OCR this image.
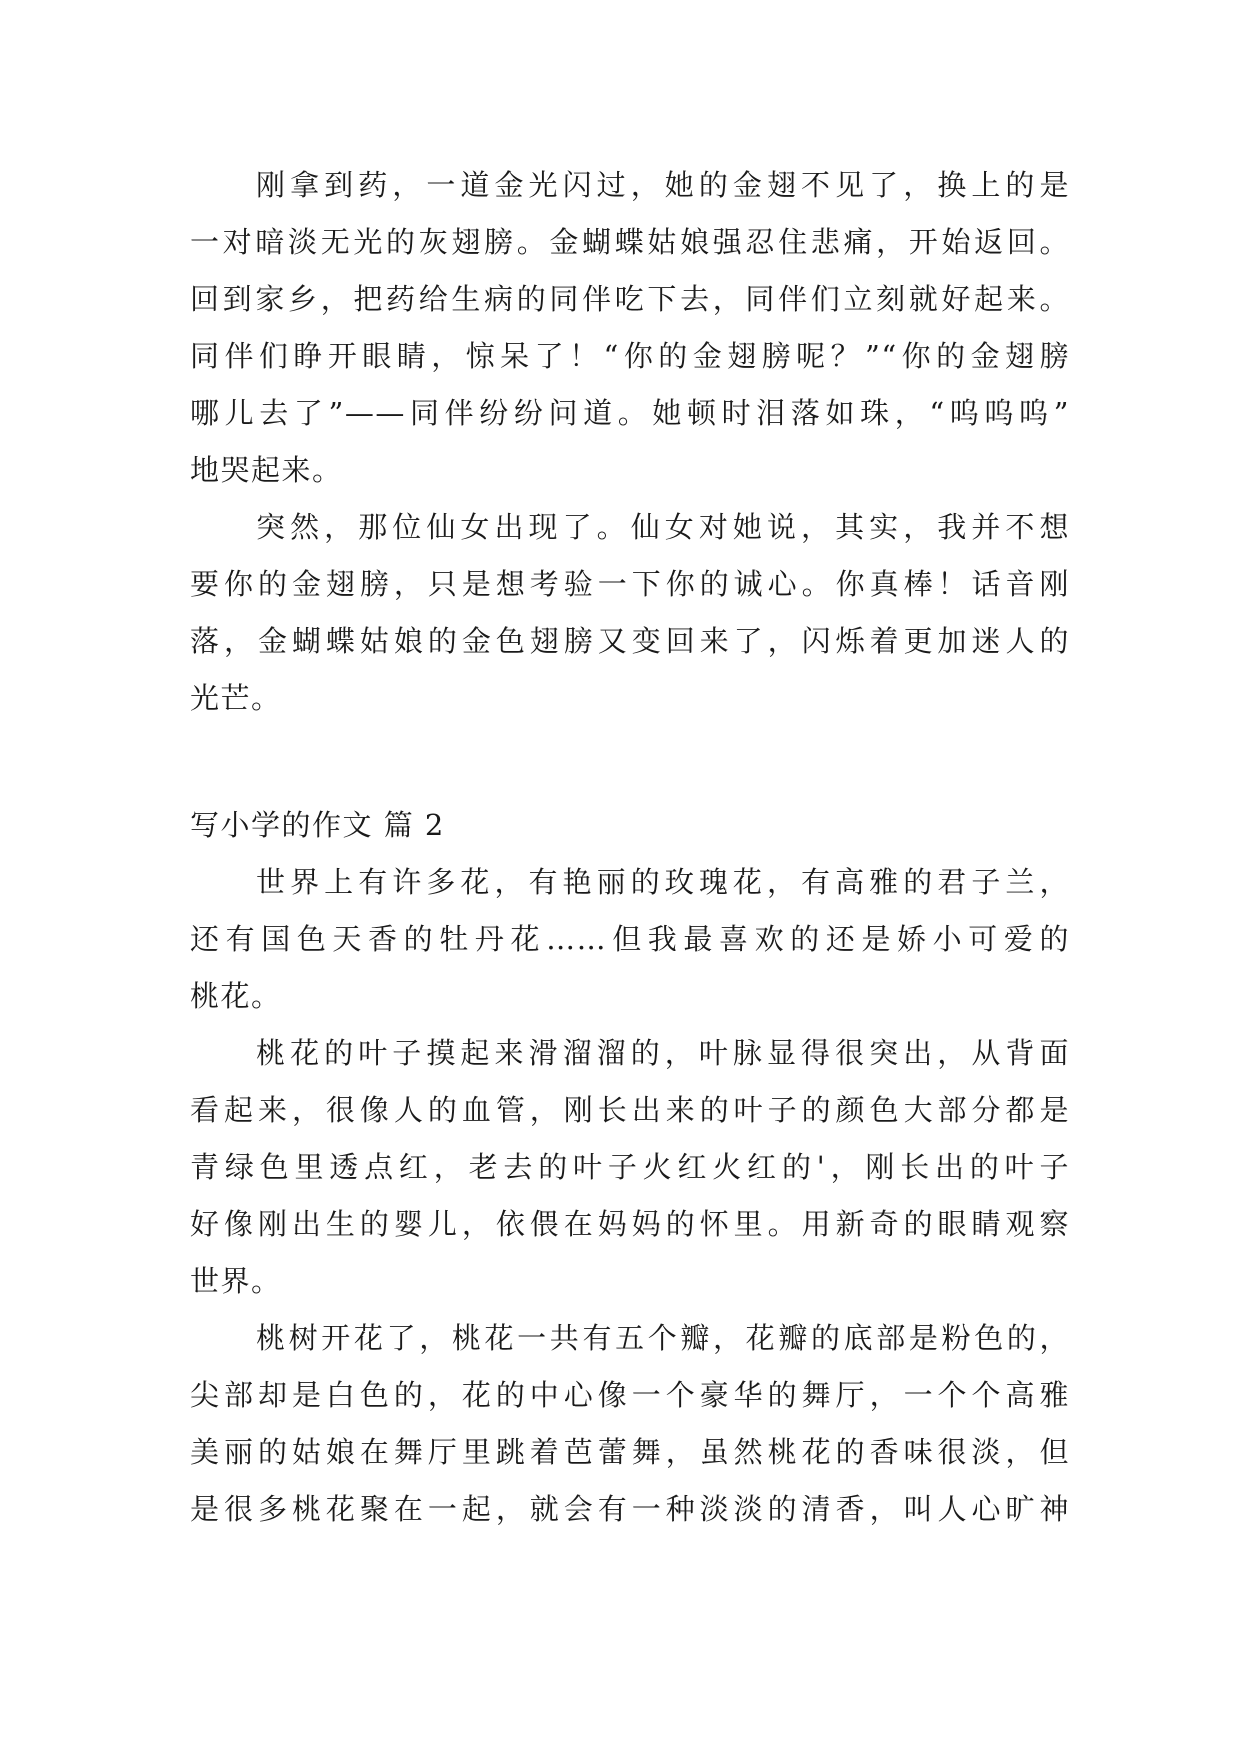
刚拿到药，一道金光闪过，她的金翅不见了，换上的是
一对暗淡无光的灰翅膀。金蝴蝶姑娘强忍住悲痛，开始返回。
回到家乡，把药给生病的同伴吃下去，同伴们立刻就好起来。
同伴们睁开眼睛，惊呆了！“你的金翅膀呢？”“你的金翅膀
哪儿去了”——同伴纷纷问道。她顿时泪落如珠，“呜呜呜”
地哭起来。
突然，那位仙女出现了。仙女对她说，其实，我并不想
要你的金翅膀，只是想考验一下你的诚心。你真棒！话音刚
落，金蝴蝶姑娘的金色翅膀又变回来了，闪烁着更加迷人的
光芒。
写小学的作文 篇 2
世界上有许多花，有艳丽的玫瑰花，有高雅的君子兰，
还有国色天香的牡丹花……但我最喜欢的还是娇小可爱的
桃花。
桃花的叶子摸起来滑溜溜的，叶脉显得很突出，从背面
看起来，很像人的血管，刚长出来的叶子的颜色大部分都是
青绿色里透点红，老去的叶子火红火红的'，刚长出的叶子
好像刚出生的婴儿，依偎在妈妈的怀里。用新奇的眼睛观察
世界。
桃树开花了，桃花一共有五个瓣，花瓣的底部是粉色的，
尖部却是白色的，花的中心像一个豪华的舞厅，一个个高雅
美丽的姑娘在舞厅里跳着芭蕾舞，虽然桃花的香味很淡，但
是很多桃花聚在一起，就会有一种淡淡的清香，叫人心旷神
